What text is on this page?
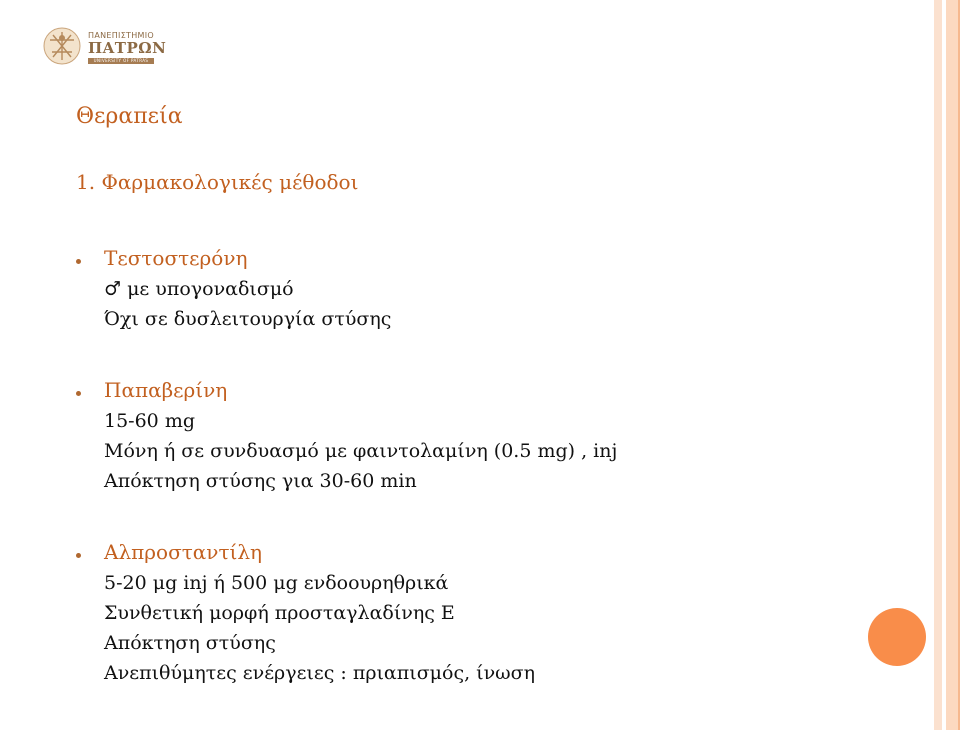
ΠΑΝΕΠΙΣΤΗΜΙΟ
ΠΑΤΡΩΝ
UNIVERSITY OF PATRAS
Θεραπεία
1. Φαρμακολογικές μέθοδοι
Τεστοστερόνη
♂ με υπογοναδισμό
Όχι σε δυσλειτουργία στύσης
Παπαβερίνη
15-60 mg
Μόνη ή σε συνδυασμό με φαιντολαμίνη (0.5 mg) , inj
Απόκτηση στύσης για 30-60 min
Αλπροσταντίλη
5-20 μg inj ή 500 μg ενδοουρηθρικά
Συνθετική μορφή προσταγλαδίνης Ε
Απόκτηση στύσης
Ανεπιθύμητες ενέργειες : πριαπισμός, ίνωση
